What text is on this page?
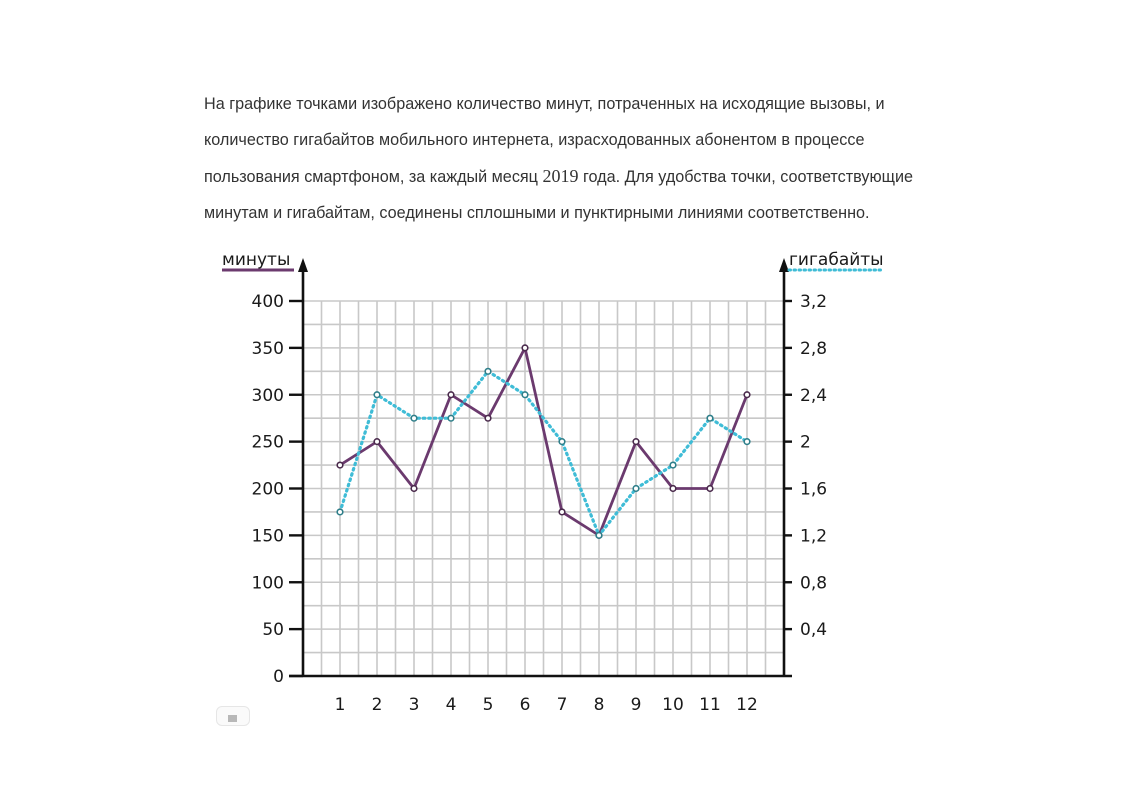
На графике точками изображено количество минут, потраченных на исходящие вызовы, и
количество гигабайтов мобильного интернета, израсходованных абонентом в процессе
пользования смартфоном, за каждый месяц 2019 года. Для удобства точки, соответствующие
минутам и гигабайтам, соединены сплошными и пунктирными линиями соответственно.

минуты	гигабайты
0
50
100
150
200
250
300
350
400
0,4
0,8
1,2
1,6
2
2,4
2,8
3,2
1 2 3 4 5 6 7 8 9 10 11 12
